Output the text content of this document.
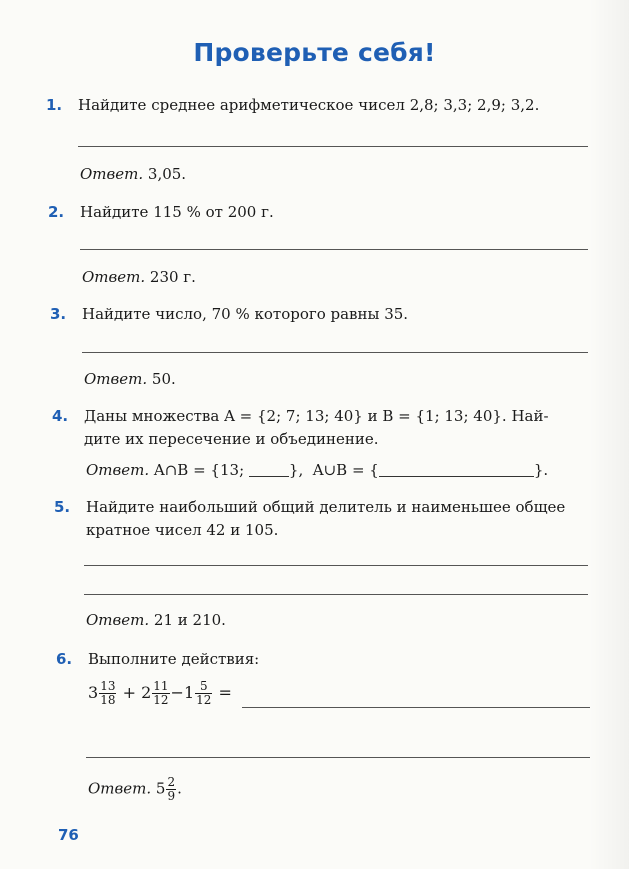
Проверьте себя!
1.	Найдите среднее арифметическое чисел 2,8; 3,3; 2,9; 3,2.
Ответ. 3,05.
2.	Найдите 115 % от 200 г.
Ответ. 230 г.
3.	Найдите число, 70 % которого равны 35.
Ответ. 50.
4.	Даны множества A = {2; 7; 13; 40} и B = {1; 13; 40}. Най-
дите их пересечение и объединение.
Ответ. A∩B = {13;	}, A∪B = {	}.
5.	Найдите наибольший общий делитель и наименьшее общее
кратное чисел 42 и 105.
Ответ. 21 и 210.
6.	Выполните действия:
$3 \frac{13}{18} + 2 \frac{11}{12} -1 \frac{5}{12}$ =
Ответ. $5 \frac{2}{9}$ .
76
